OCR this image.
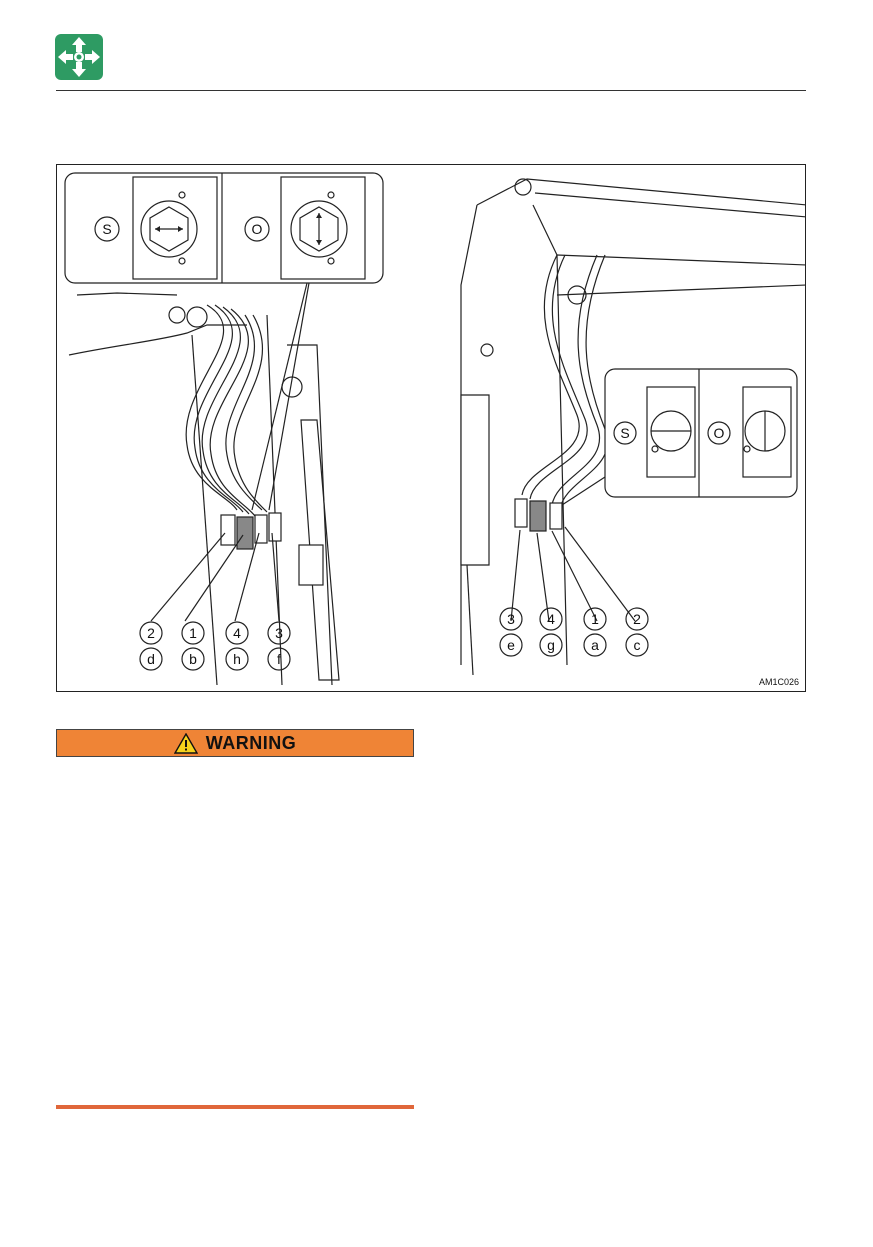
S	O
S	O
2
d
1
b
4
h
3
f
3
e
4
g
1
a
2
c
AM1C026
WARNING
